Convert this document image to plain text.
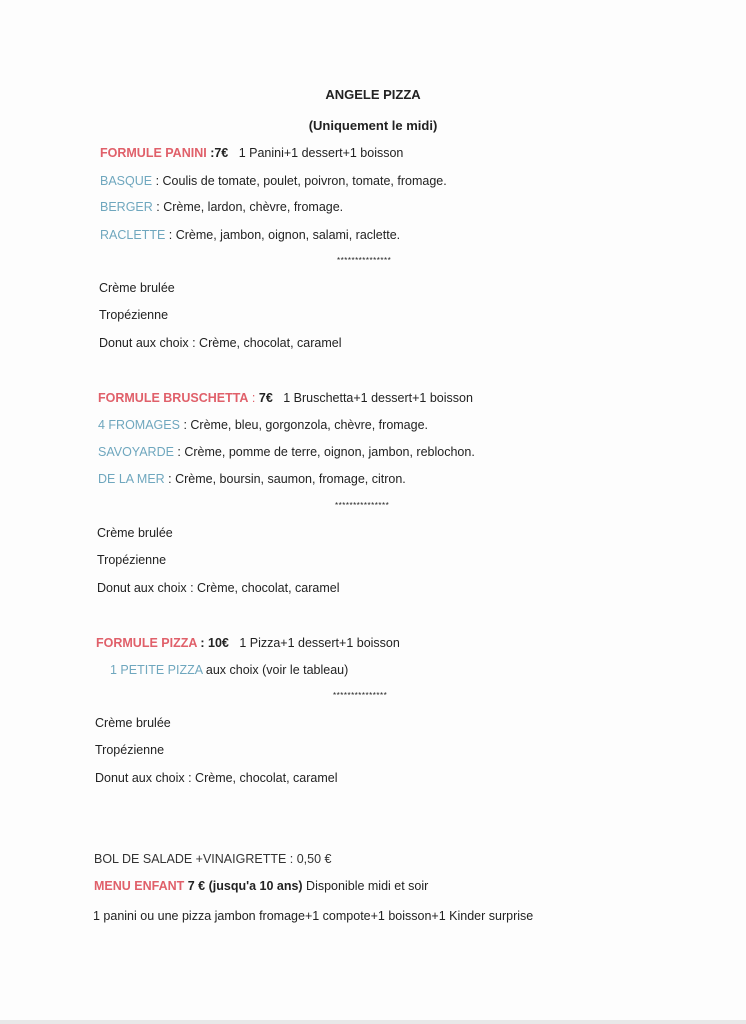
ANGELE PIZZA
(Uniquement le midi)
FORMULE PANINI :7€ 1 Panini+1 dessert+1 boisson
BASQUE : Coulis de tomate, poulet, poivron, tomate, fromage.
BERGER : Crème, lardon, chèvre, fromage.
RACLETTE : Crème, jambon, oignon, salami, raclette.
***************
Crème brulée
Tropézienne
Donut aux choix : Crème, chocolat, caramel
FORMULE BRUSCHETTA : 7€ 1 Bruschetta+1 dessert+1 boisson
4 FROMAGES : Crème, bleu, gorgonzola, chèvre, fromage.
SAVOYARDE : Crème, pomme de terre, oignon, jambon, reblochon.
DE LA MER : Crème, boursin, saumon, fromage, citron.
***************
Crème brulée
Tropézienne
Donut aux choix : Crème, chocolat, caramel
FORMULE PIZZA : 10€ 1 Pizza+1 dessert+1 boisson
1 PETITE PIZZA aux choix (voir le tableau)
***************
Crème brulée
Tropézienne
Donut aux choix : Crème, chocolat, caramel
BOL DE SALADE +VINAIGRETTE : 0,50 €
MENU ENFANT 7 € (jusqu'a 10 ans) Disponible midi et soir
1 panini ou une pizza jambon fromage+1 compote+1 boisson+1 Kinder surprise
